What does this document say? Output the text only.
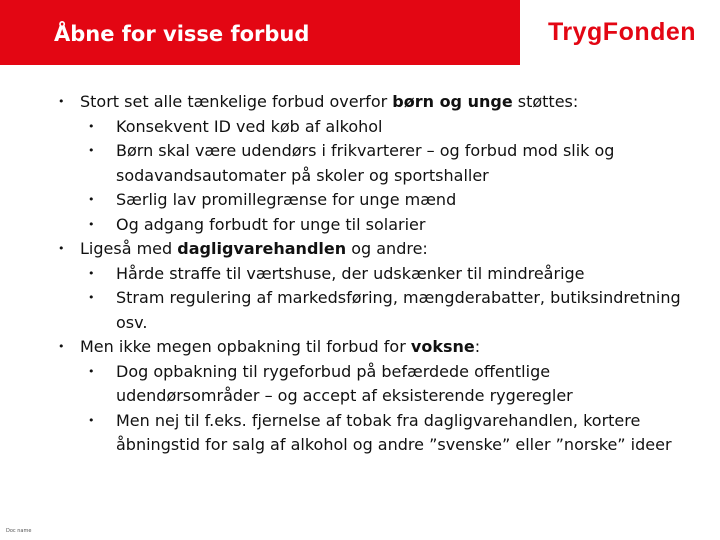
Åbne for visse forbud	TrygFonden
• Stort set alle tænkelige forbud overfor børn og unge støttes:
• Konsekvent ID ved køb af alkohol
• Børn skal være udendørs i frikvarterer – og forbud mod slik og sodavandsautomater på skoler og sportshaller
• Særlig lav promillegrænse for unge mænd
• Og adgang forbudt for unge til solarier
• Ligeså med dagligvarehandlen og andre:
• Hårde straffe til værtshuse, der udskænker til mindreårige
• Stram regulering af markedsføring, mængderabatter, butiksindretning osv.
• Men ikke megen opbakning til forbud for voksne:
• Dog opbakning til rygeforbud på befærdede offentlige udendørsområder – og accept af eksisterende rygeregler
• Men nej til f.eks. fjernelse af tobak fra dagligvarehandlen, kortere åbningstid for salg af alkohol og andre ”svenske” eller ”norske” ideer
Doc name
